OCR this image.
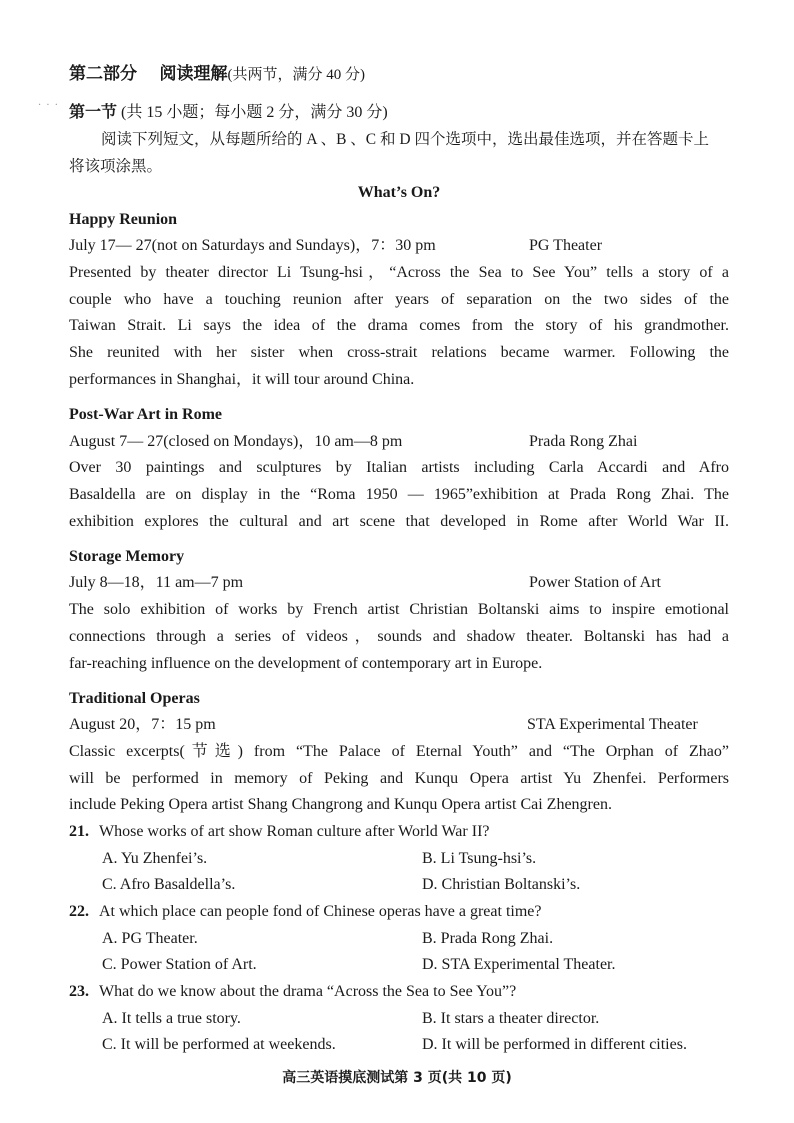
· · ·
第二部分 阅读理解(共两节，满分 40 分)
第一节 (共 15 小题；每小题 2 分，满分 30 分)
阅读下列短文，从每题所给的 A 、B 、C 和 D 四个选项中，选出最佳选项，并在答题卡上
将该项涂黑。
What’s On?
Happy Reunion
July 17— 27(not on Saturdays and Sundays)，7：30 pm	PG Theater
Presented by theater director Li Tsung-hsi，“Across the Sea to See You” tells a story of a
couple who have a touching reunion after years of separation on the two sides of the
Taiwan Strait. Li says the idea of the drama comes from the story of his grandmother.
She reunited with her sister when cross-strait relations became warmer. Following the
performances in Shanghai，it will tour around China.
Post-War Art in Rome
August 7— 27(closed on Mondays)，10 am—8 pm	Prada Rong Zhai
Over 30 paintings and sculptures by Italian artists including Carla Accardi and Afro
Basaldella are on display in the “Roma 1950 — 1965”exhibition at Prada Rong Zhai. The
exhibition explores the cultural and art scene that developed in Rome after World War II.
Storage Memory
July 8—18，11 am—7 pm	Power Station of Art
The solo exhibition of works by French artist Christian Boltanski aims to inspire emotional
connections through a series of videos，sounds and shadow theater. Boltanski has had a
far-reaching influence on the development of contemporary art in Europe.
Traditional Operas
August 20，7：15 pm	STA Experimental Theater
Classic excerpts(节选) from “The Palace of Eternal Youth” and “The Orphan of Zhao”
will be performed in memory of Peking and Kunqu Opera artist Yu Zhenfei. Performers
include Peking Opera artist Shang Changrong and Kunqu Opera artist Cai Zhengren.
21. Whose works of art show Roman culture after World War II?
A. Yu Zhenfei’s.	B. Li Tsung-hsi’s.
C. Afro Basaldella’s.	D. Christian Boltanski’s.
22. At which place can people fond of Chinese operas have a great time?
A. PG Theater.	B. Prada Rong Zhai.
C. Power Station of Art.	D. STA Experimental Theater.
23. What do we know about the drama “Across the Sea to See You”?
A. It tells a true story.	B. It stars a theater director.
C. It will be performed at weekends.	D. It will be performed in different cities.
高三英语摸底测试第 3 页(共 10 页)
